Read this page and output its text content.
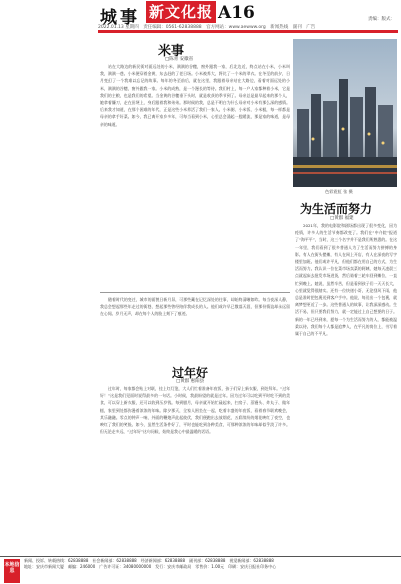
城事 新文化报 A16	责编：版式：
2022.01.13 星期四　责任编辑：0561-62838888　官方网站：www.aewww.org　新闻热线　副刊　广告
米事
□陈青 安徽省
站在大路边的新民街对面远处的小米，满满的谷穗，窗外跟我一家，后北边近，终点站在小米，小米叫我，满满一巷。小米便穿着金黄，东去赶的了老日场。小米被养大，将比了一个米的翠衣。在冬至的前夕，日月变幻了一个我难以忘记的故事。每年的冬至前后，就在这里，我跟着母亲站在大路边，看着对面远处的小米，满满的谷穗，窗外跟我一家。小米的成熟，是一个漫长的等待。我们村上，每一户人家都种着小米，它是我们的主粮，也是我们的希望。当金黄的谷穗垂下头时，就是收获的季节到了。母亲总是最早起来的那个人，她拿着镰刀，走在田埂上，身后跟着我和弟弟。那时候的我，总是不明白为什么母亲对小米有那么深的感情。后来我才知道，在那个困难的年代，正是这些小米养活了我们一家人。小米粥、小米饭、小米糕，每一样都是母亲的拿手好菜。如今，我已离开家乡多年，可每当看到小米，心里总会涌起一股暖流，那是家的味道，是母亲的味道。
色彩霓虹 张 摄
为生活而努力
□黄群 福建
2021年，我的电影院和剧场都出现了很多变化，因为疫情，许多人的生活节奏都改变了。我们在“中介院”报道了“海平平”，当时，这三个名字并不是我们所熟悉的。在这一年里，我们看到了很多普通人为了生活而努力拼搏的身影。有人在街头摆摊，有人在网上开店，有人在深夜的写字楼里加班。他们或许平凡，但他们都在用自己的方式，为生活而努力。我认识一位在菜市场卖菜的阿姨，她每天凌晨三点就起床去批发市场进货，然后骑着三轮车回到摊位，一直忙到晚上。她说，虽然辛苦，但是看到孩子们一天天长大，心里就觉得很踏实。还有一位快递小哥，无论刮风下雨，他总是准时把包裹送到客户手中。他说，每送出一个包裹，就离梦想更近了一步。这些普通人的故事，让我深深感动。生活不易，但只要我们努力，就一定能过上自己想要的日子。新的一年已经到来，愿每一个为生活而努力的人，都能被温柔以待。我们每个人都是追梦人，在平凡的岗位上，书写着属于自己的不平凡。
随着时代的变迁，城市的面貌日新月异，可那些藏在记忆深处的往事，却始终清晰如昨。每当夜深人静，我总会想起那些年走过的街巷，想起那些曾经陪伴我成长的人。他们或许早已散落天涯，但那份情谊却永远留在心间。岁月无声，却在每个人的脸上刻下了痕迹。
过年好
□黄群 惠阳县
过年时，每家都会贴上对联，挂上红灯笼，大人们忙着准备年夜饭，孩子们穿上新衣服，到处拜年。“过年好！”这是我们见面时说得最多的一句话。小时候，我最盼望的就是过年。因为过年可以吃到平时吃不到的美食，可以穿上新衣服，还可以收到压岁钱。每到腊月，母亲就开始忙碌起来，扫房子、蒸馒头、炸丸子、做年糕，家里到处都弥漫着浓浓的年味。除夕那天，全家人围坐在一起，吃着丰盛的年夜饭，看着春节联欢晚会，其乐融融。零点的钟声一响，外面的鞭炮声此起彼伏，我们便跑出去放烟花，五彩缤纷的烟花映红了夜空，也映红了我们的笑脸。如今，虽然生活条件好了，平时也能吃到各种美食，可那种浓浓的年味却似乎淡了许多。但无论走多远，“过年好”这句问候，始终是我心中最温暖的话语。
本地信息
新闻、投诉、转载热线：62838888　社会新闻部：62838888　经济新闻部：62838888　副刊部：62838888　视觉新闻部：62838888
地址：安庆市新闻大厦　邮编：246000　广告许可证：34080000000　发行：安庆市邮政局　零售价：1.00元　印刷：安庆日报社印务中心
